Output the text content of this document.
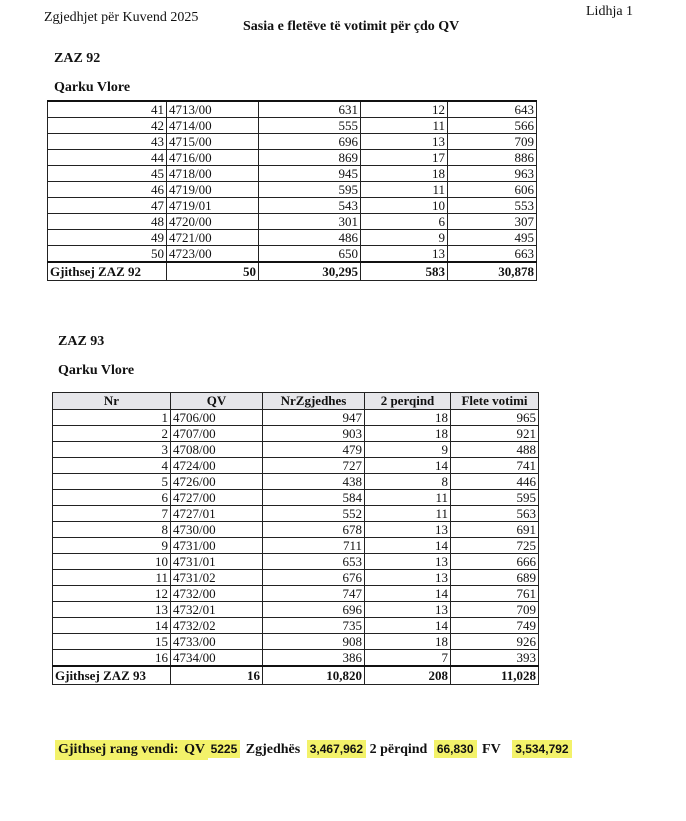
Zgjedhjet për Kuvend 2025	Lidhja 1
Sasia e fletëve të votimit për çdo QV
ZAZ 92
Qarku Vlore
41	4713/00	631	12	643
42	4714/00	555	11	566
43	4715/00	696	13	709
44	4716/00	869	17	886
45	4718/00	945	18	963
46	4719/00	595	11	606
47	4719/01	543	10	553
48	4720/00	301	6	307
49	4721/00	486	9	495
50	4723/00	650	13	663
Gjithsej ZAZ 92	50	30,295	583	30,878
ZAZ 93
Qarku Vlore
Nr	QV	NrZgjedhes	2 perqind	Flete votimi
1	4706/00	947	18	965
2	4707/00	903	18	921
3	4708/00	479	9	488
4	4724/00	727	14	741
5	4726/00	438	8	446
6	4727/00	584	11	595
7	4727/01	552	11	563
8	4730/00	678	13	691
9	4731/00	711	14	725
10	4731/01	653	13	666
11	4731/02	676	13	689
12	4732/00	747	14	761
13	4732/01	696	13	709
14	4732/02	735	14	749
15	4733/00	908	18	926
16	4734/00	386	7	393
Gjithsej ZAZ 93	16	10,820	208	11,028
Gjithsej rang vendi: QV 5225 Zgjedhës 3,467,962 2 përqind 66,830 FV 3,534,792
